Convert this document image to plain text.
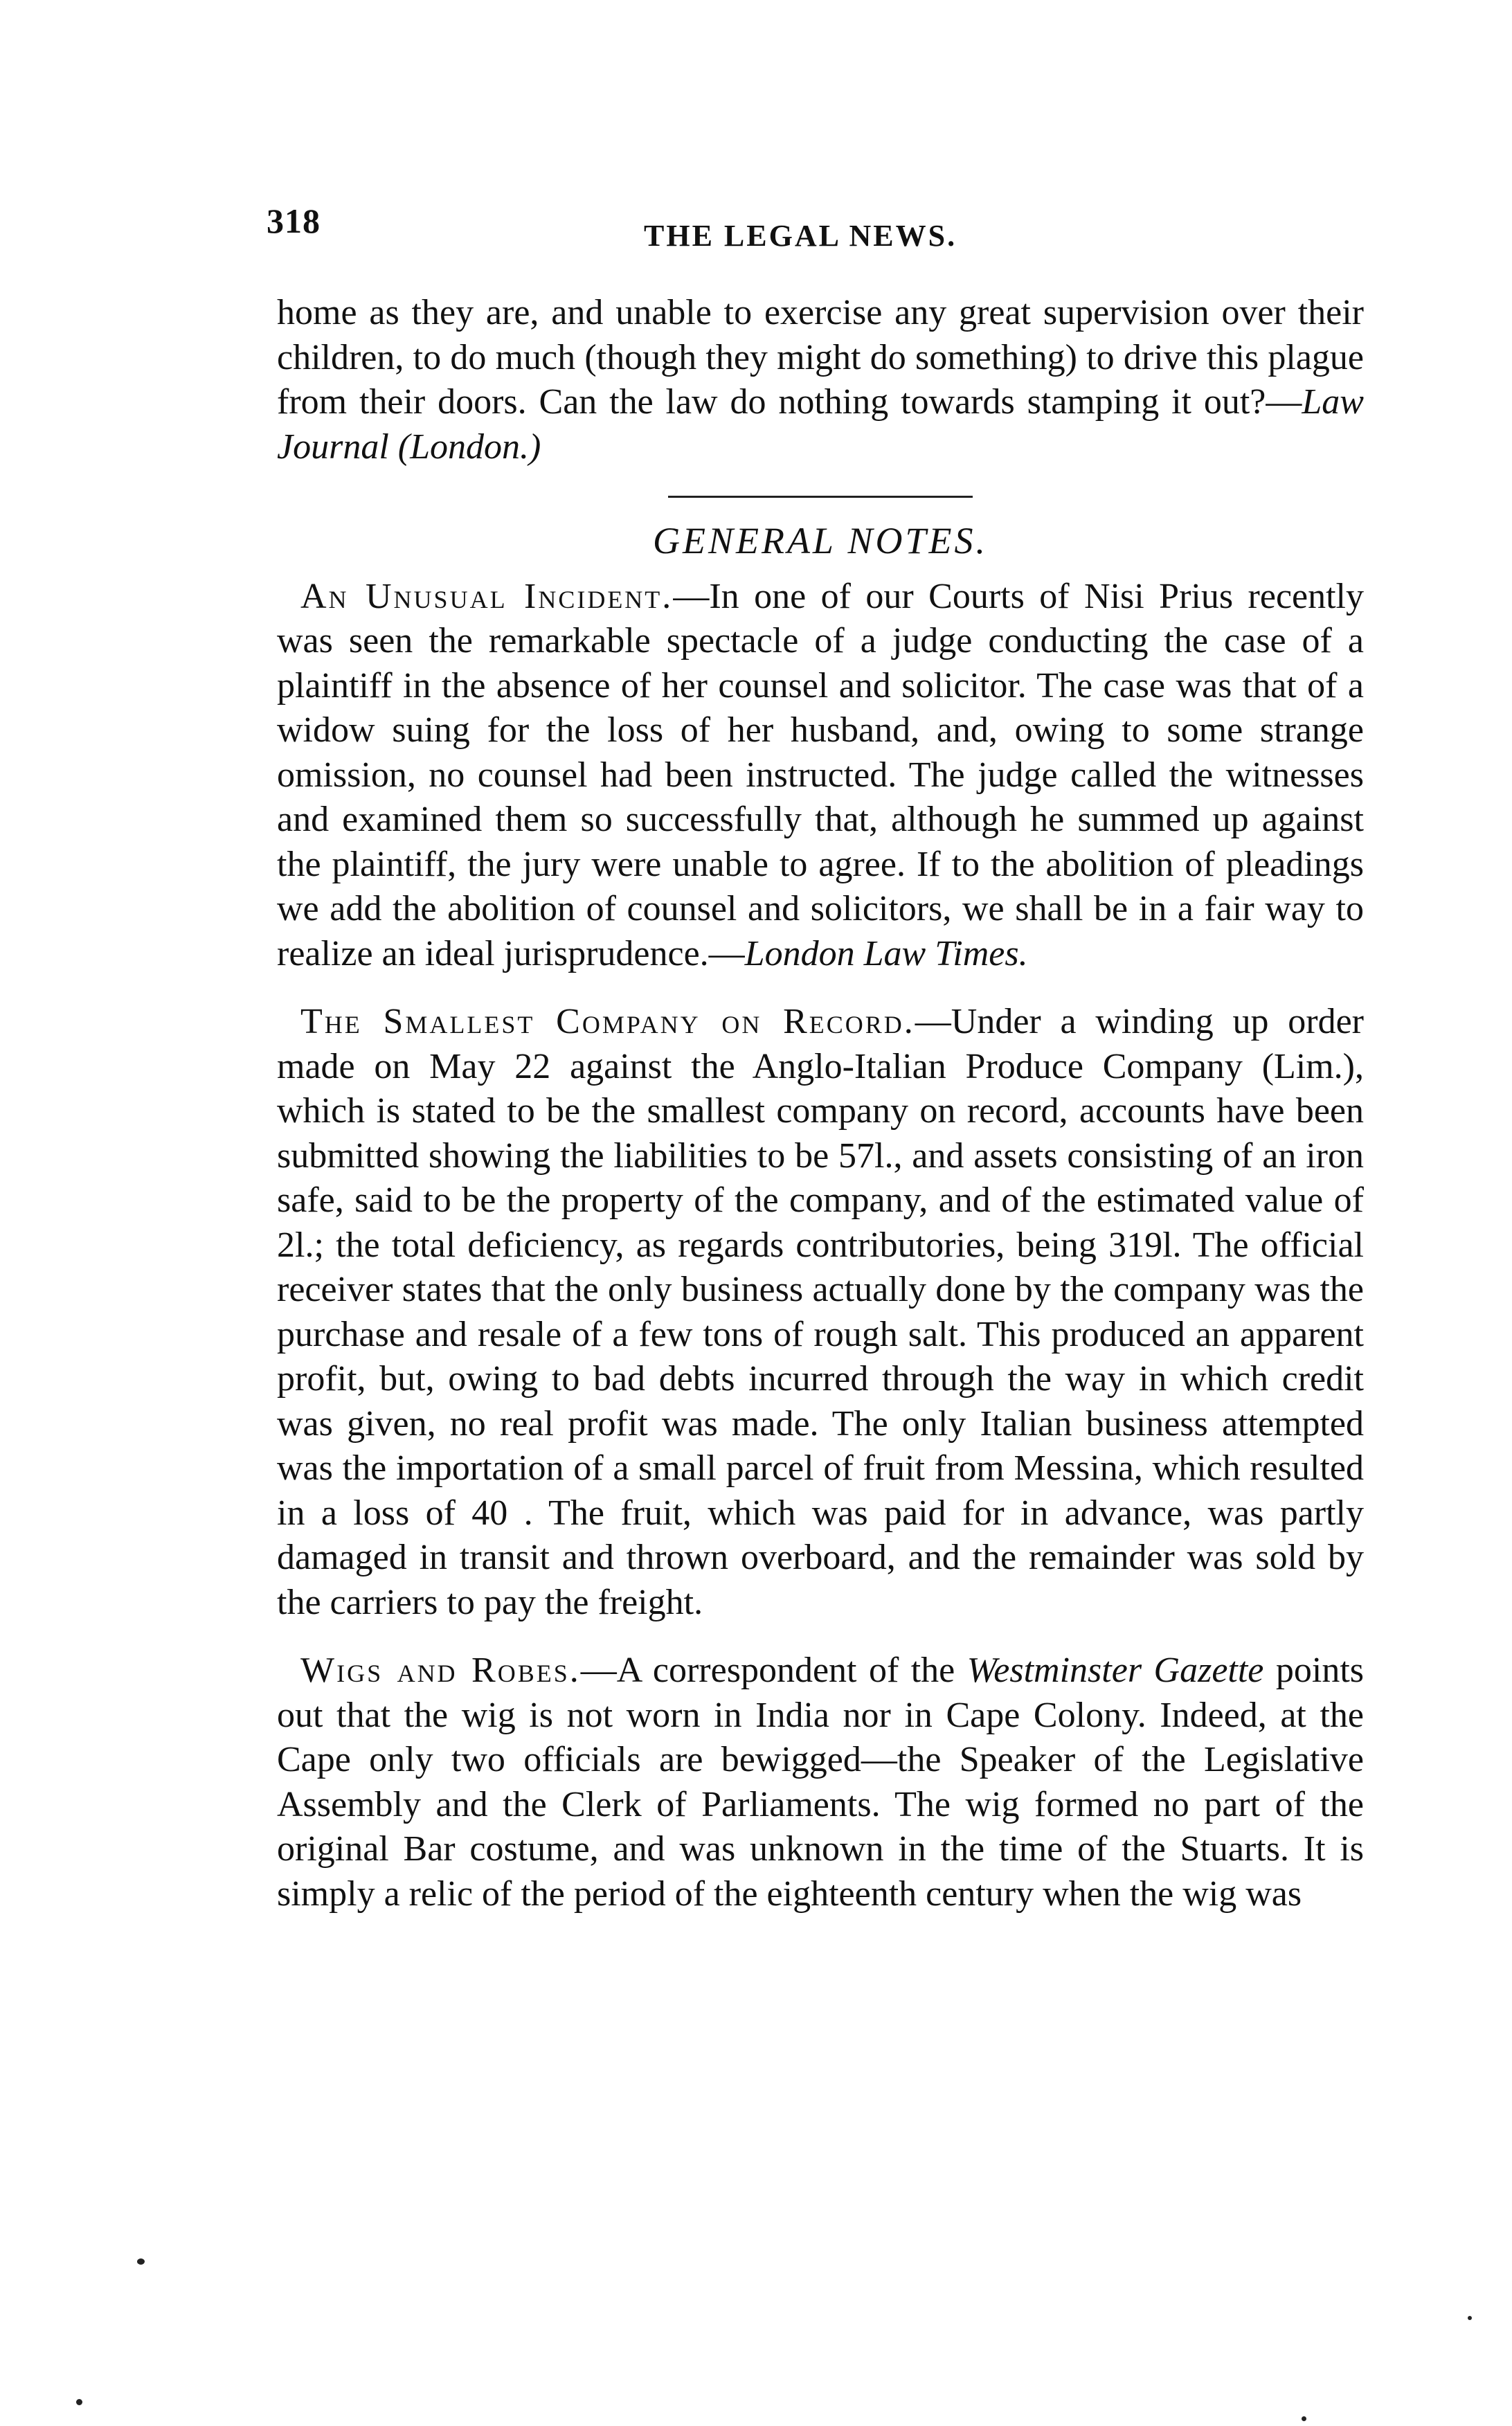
318	THE LEGAL NEWS.

home as they are, and unable to exercise any great supervision over their children, to do much (though they might do something) to drive this plague from their doors. Can the law do nothing towards stamping it out?—Law Journal (London.)

GENERAL NOTES.

An Unusual Incident.—In one of our Courts of Nisi Prius recently was seen the remarkable spectacle of a judge conducting the case of a plaintiff in the absence of her counsel and solicitor. The case was that of a widow suing for the loss of her husband, and, owing to some strange omission, no counsel had been instructed. The judge called the witnesses and examined them so successfully that, although he summed up against the plaintiff, the jury were unable to agree. If to the abolition of pleadings we add the abolition of counsel and solicitors, we shall be in a fair way to realize an ideal jurisprudence.—London Law Times.

The Smallest Company on Record.—Under a winding up order made on May 22 against the Anglo-Italian Produce Company (Lim.), which is stated to be the smallest company on record, accounts have been submitted showing the liabilities to be 57l., and assets consisting of an iron safe, said to be the property of the company, and of the estimated value of 2l.; the total deficiency, as regards contributories, being 319l. The official receiver states that the only business actually done by the company was the purchase and resale of a few tons of rough salt. This produced an apparent profit, but, owing to bad debts incurred through the way in which credit was given, no real profit was made. The only Italian business attempted was the importation of a small parcel of fruit from Messina, which resulted in a loss of 40 . The fruit, which was paid for in advance, was partly damaged in transit and thrown overboard, and the remainder was sold by the carriers to pay the freight.

Wigs and Robes.—A correspondent of the Westminster Gazette points out that the wig is not worn in India nor in Cape Colony. Indeed, at the Cape only two officials are bewigged—the Speaker of the Legislative Assembly and the Clerk of Parliaments. The wig formed no part of the original Bar costume, and was unknown in the time of the Stuarts. It is simply a relic of the period of the eighteenth century when the wig was
